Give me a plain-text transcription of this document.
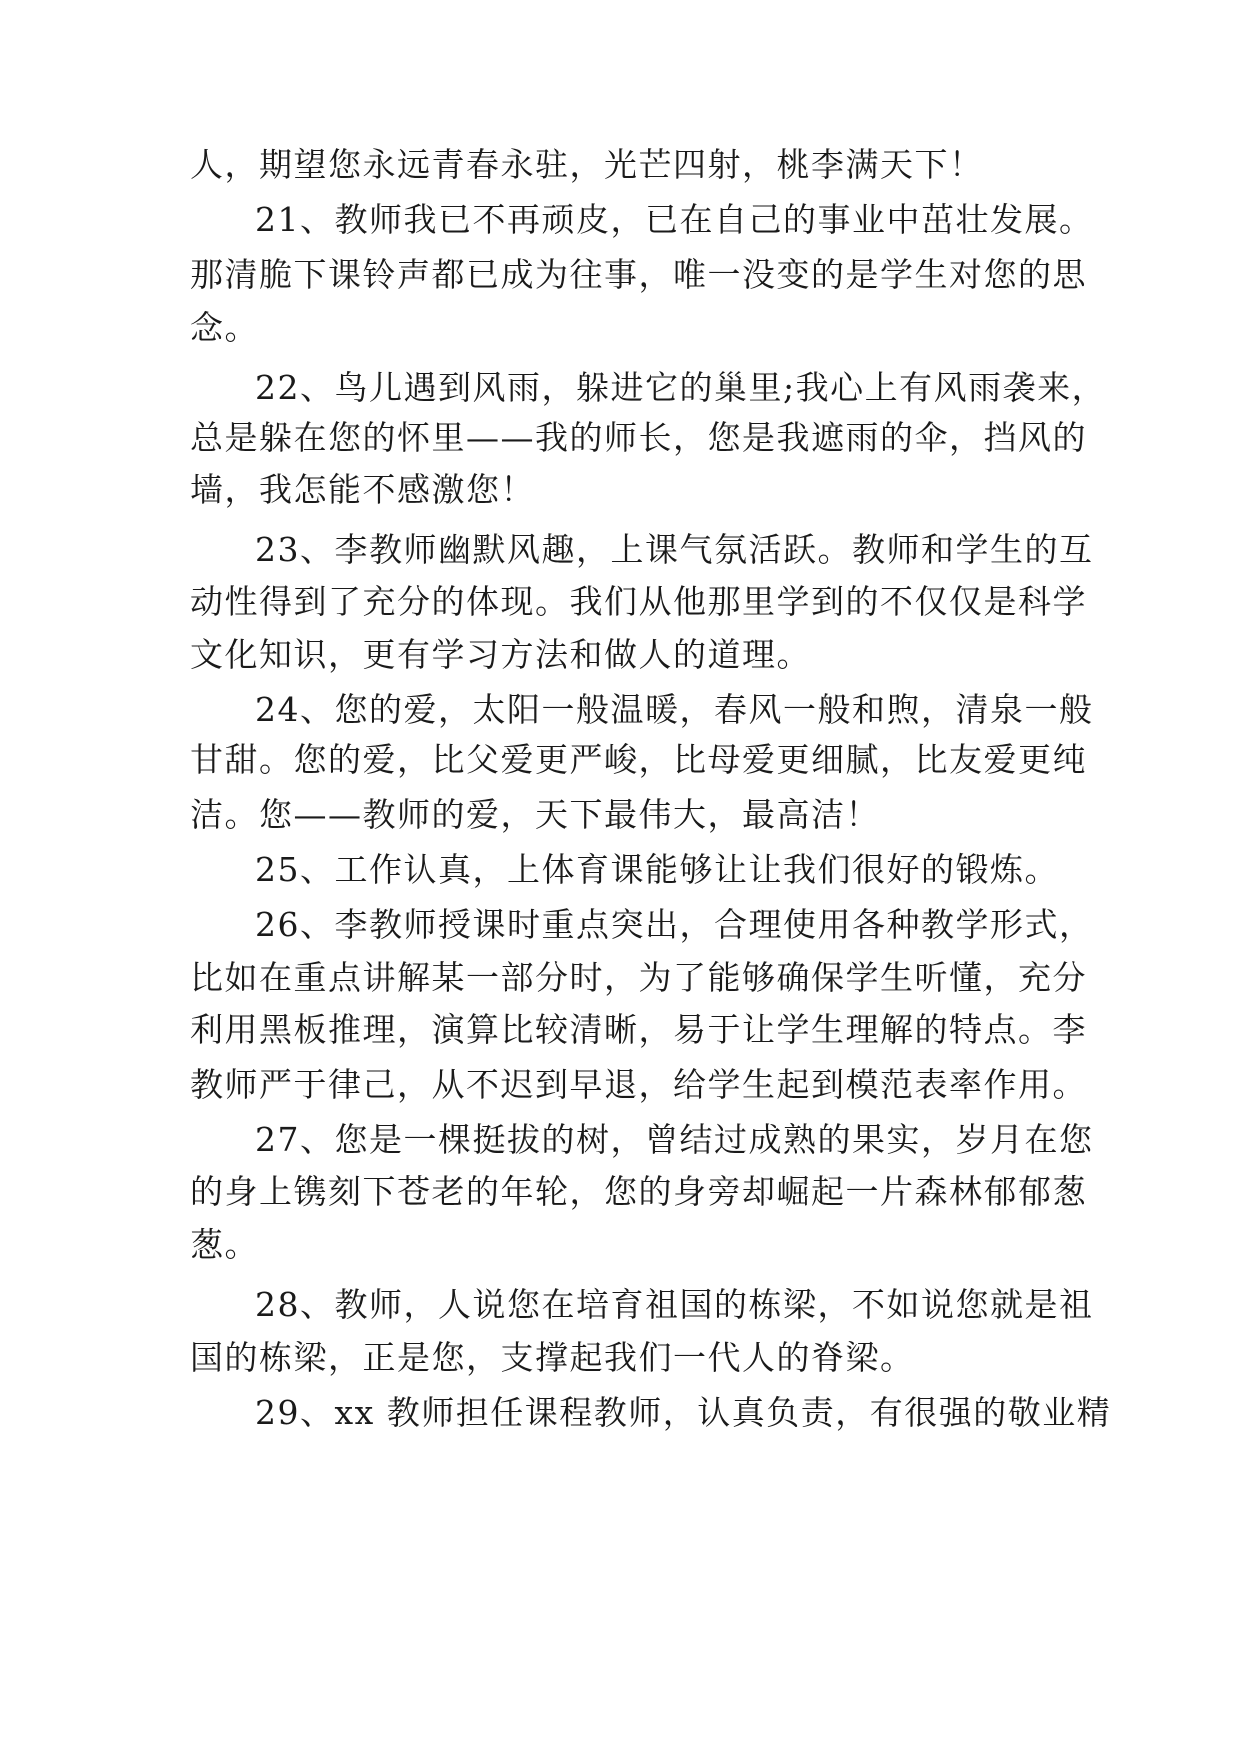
人，期望您永远青春永驻，光芒四射，桃李满天下！
21、教师我已不再顽皮，已在自己的事业中茁壮发展。
那清脆下课铃声都已成为往事，唯一没变的是学生对您的思
念。
22、鸟儿遇到风雨，躲进它的巢里;我心上有风雨袭来，
总是躲在您的怀里——我的师长，您是我遮雨的伞，挡风的
墙，我怎能不感激您！
23、李教师幽默风趣，上课气氛活跃。教师和学生的互
动性得到了充分的体现。我们从他那里学到的不仅仅是科学
文化知识，更有学习方法和做人的道理。
24、您的爱，太阳一般温暖，春风一般和煦，清泉一般
甘甜。您的爱，比父爱更严峻，比母爱更细腻，比友爱更纯
洁。您——教师的爱，天下最伟大，最高洁！
25、工作认真，上体育课能够让让我们很好的锻炼。
26、李教师授课时重点突出，合理使用各种教学形式，
比如在重点讲解某一部分时，为了能够确保学生听懂，充分
利用黑板推理，演算比较清晰，易于让学生理解的特点。李
教师严于律己，从不迟到早退，给学生起到模范表率作用。
27、您是一棵挺拔的树，曾结过成熟的果实，岁月在您
的身上镌刻下苍老的年轮，您的身旁却崛起一片森林郁郁葱
葱。
28、教师，人说您在培育祖国的栋梁，不如说您就是祖
国的栋梁，正是您，支撑起我们一代人的脊梁。
29、xx 教师担任课程教师，认真负责，有很强的敬业精
